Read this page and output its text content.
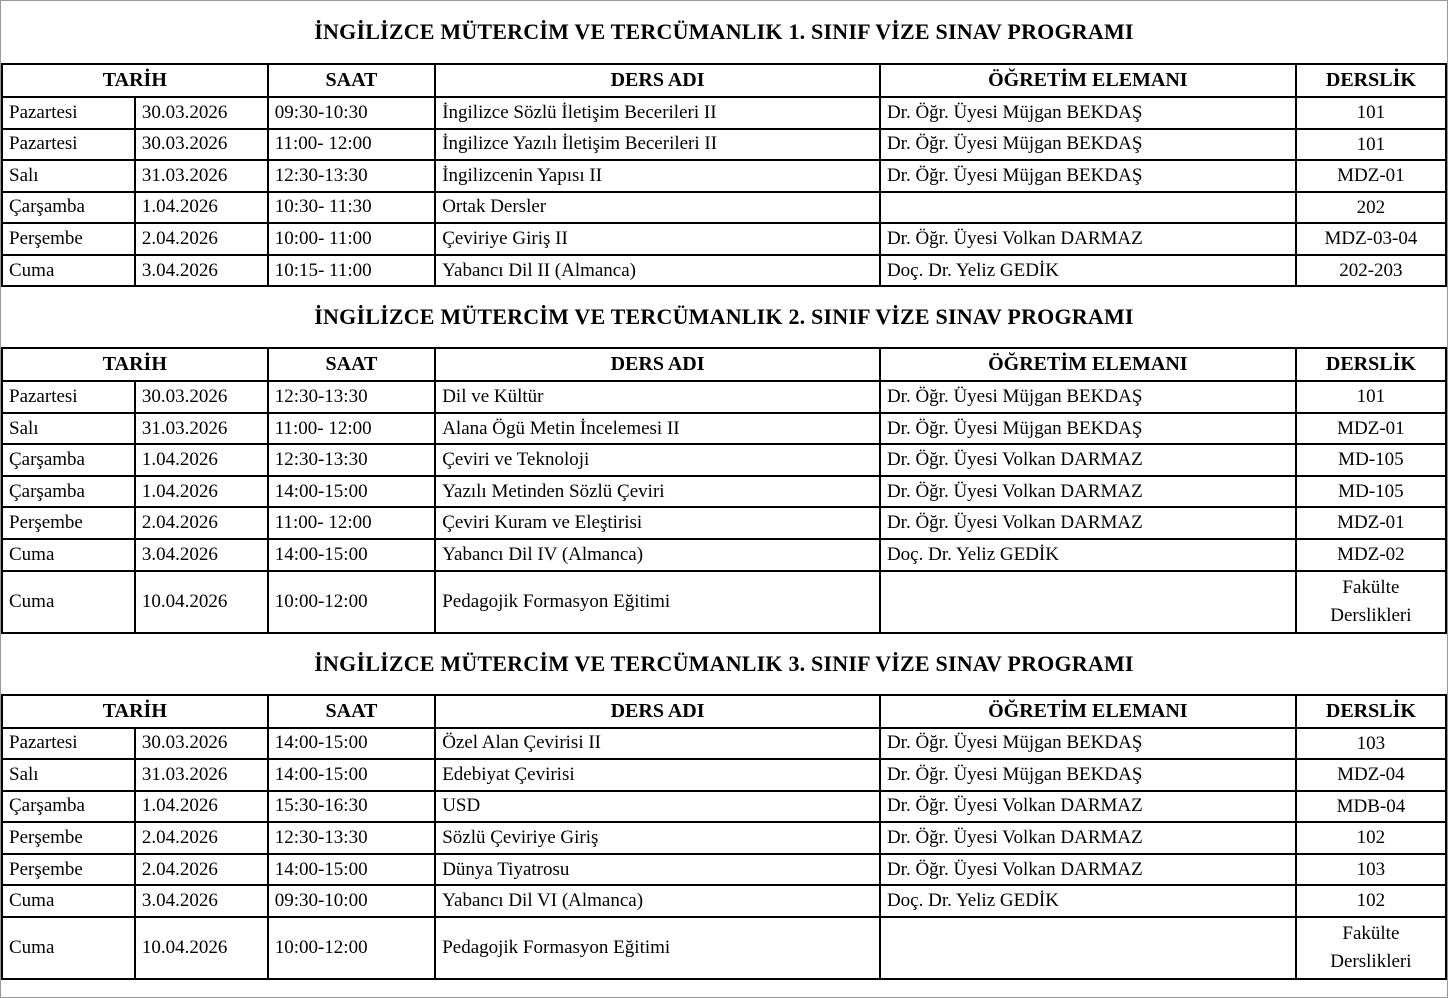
İNGİLİZCE MÜTERCİM VE TERCÜMANLIK 1. SINIF VİZE SINAV PROGRAMI
TARİH		SAAT	DERS ADI	ÖĞRETİM ELEMANI	DERSLİK
Pazartesi	30.03.2026	09:30-10:30	İngilizce Sözlü İletişim Becerileri II	Dr. Öğr. Üyesi Müjgan BEKDAŞ	101
Pazartesi	30.03.2026	11:00- 12:00	İngilizce Yazılı İletişim Becerileri II	Dr. Öğr. Üyesi Müjgan BEKDAŞ	101
Salı	31.03.2026	12:30-13:30	İngilizcenin Yapısı II	Dr. Öğr. Üyesi Müjgan BEKDAŞ	MDZ-01
Çarşamba	1.04.2026	10:30- 11:30	Ortak Dersler		202
Perşembe	2.04.2026	10:00- 11:00	Çeviriye Giriş II	Dr. Öğr. Üyesi Volkan DARMAZ	MDZ-03-04
Cuma	3.04.2026	10:15- 11:00	Yabancı Dil II (Almanca)	Doç. Dr. Yeliz GEDİK	202-203
İNGİLİZCE MÜTERCİM VE TERCÜMANLIK 2. SINIF VİZE SINAV PROGRAMI
TARİH		SAAT	DERS ADI	ÖĞRETİM ELEMANI	DERSLİK
Pazartesi	30.03.2026	12:30-13:30	Dil ve Kültür	Dr. Öğr. Üyesi Müjgan BEKDAŞ	101
Salı	31.03.2026	11:00- 12:00	Alana Ögü Metin İncelemesi II	Dr. Öğr. Üyesi Müjgan BEKDAŞ	MDZ-01
Çarşamba	1.04.2026	12:30-13:30	Çeviri ve Teknoloji	Dr. Öğr. Üyesi Volkan DARMAZ	MD-105
Çarşamba	1.04.2026	14:00-15:00	Yazılı Metinden Sözlü Çeviri	Dr. Öğr. Üyesi Volkan DARMAZ	MD-105
Perşembe	2.04.2026	11:00- 12:00	Çeviri Kuram ve Eleştirisi	Dr. Öğr. Üyesi Volkan DARMAZ	MDZ-01
Cuma	3.04.2026	14:00-15:00	Yabancı Dil IV (Almanca)	Doç. Dr. Yeliz GEDİK	MDZ-02
Cuma	10.04.2026	10:00-12:00	Pedagojik Formasyon Eğitimi		Fakülte Derslikleri
İNGİLİZCE MÜTERCİM VE TERCÜMANLIK 3. SINIF VİZE SINAV PROGRAMI
TARİH		SAAT	DERS ADI	ÖĞRETİM ELEMANI	DERSLİK
Pazartesi	30.03.2026	14:00-15:00	Özel Alan Çevirisi II	Dr. Öğr. Üyesi Müjgan BEKDAŞ	103
Salı	31.03.2026	14:00-15:00	Edebiyat Çevirisi	Dr. Öğr. Üyesi Müjgan BEKDAŞ	MDZ-04
Çarşamba	1.04.2026	15:30-16:30	USD	Dr. Öğr. Üyesi Volkan DARMAZ	MDB-04
Perşembe	2.04.2026	12:30-13:30	Sözlü Çeviriye Giriş	Dr. Öğr. Üyesi Volkan DARMAZ	102
Perşembe	2.04.2026	14:00-15:00	Dünya Tiyatrosu	Dr. Öğr. Üyesi Volkan DARMAZ	103
Cuma	3.04.2026	09:30-10:00	Yabancı Dil VI (Almanca)	Doç. Dr. Yeliz GEDİK	102
Cuma	10.04.2026	10:00-12:00	Pedagojik Formasyon Eğitimi		Fakülte Derslikleri
